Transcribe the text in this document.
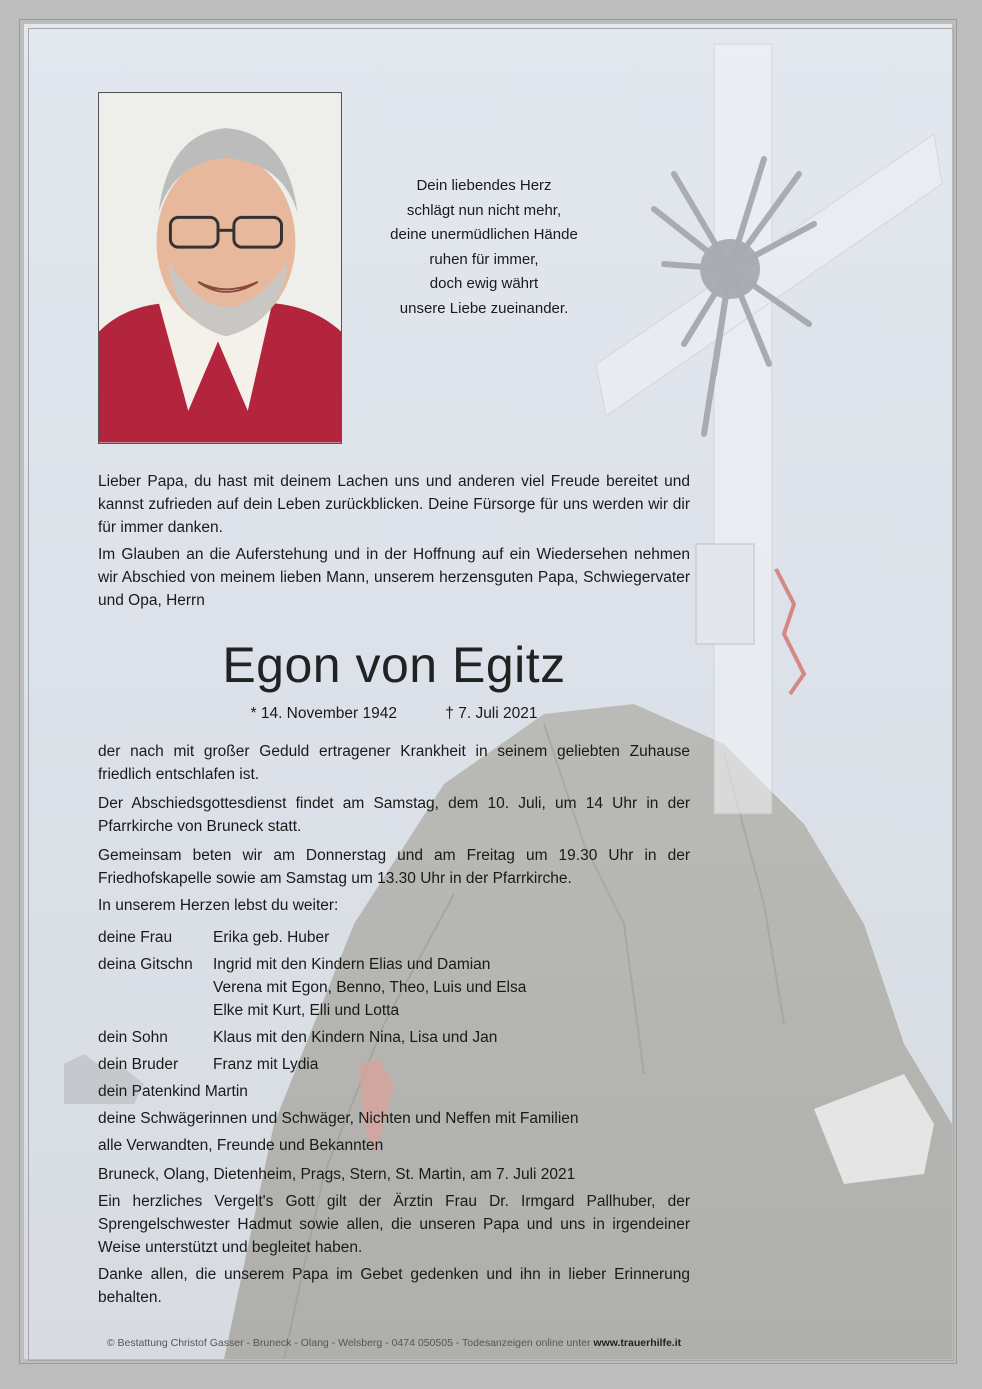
Dein liebendes Herz
schlägt nun nicht mehr,
deine unermüdlichen Hände
ruhen für immer,
doch ewig währt
unsere Liebe zueinander.

Lieber Papa, du hast mit deinem Lachen uns und anderen viel Freude bereitet und kannst zufrieden auf dein Leben zurückblicken. Deine Fürsorge für uns werden wir dir für immer danken.

Im Glauben an die Auferstehung und in der Hoffnung auf ein Wiedersehen nehmen wir Abschied von meinem lieben Mann, unserem herzensguten Papa, Schwiegervater und Opa, Herrn

Egon von Egitz
* 14. November 1942	† 7. Juli 2021

der nach mit großer Geduld ertragener Krankheit in seinem geliebten Zuhause friedlich entschlafen ist.

Der Abschiedsgottesdienst findet am Samstag, dem 10. Juli, um 14 Uhr in der Pfarrkirche von Bruneck statt.

Gemeinsam beten wir am Donnerstag und am Freitag um 19.30 Uhr in der Friedhofskapelle sowie am Samstag um 13.30 Uhr in der Pfarrkirche.

In unserem Herzen lebst du weiter:

deine Frau	Erika geb. Huber
deina Gitschn	Ingrid mit den Kindern Elias und Damian
Verena mit Egon, Benno, Theo, Luis und Elsa
Elke mit Kurt, Elli und Lotta
dein Sohn	Klaus mit den Kindern Nina, Lisa und Jan
dein Bruder	Franz mit Lydia
dein Patenkind Martin
deine Schwägerinnen und Schwäger, Nichten und Neffen mit Familien
alle Verwandten, Freunde und Bekannten

Bruneck, Olang, Dietenheim, Prags, Stern, St. Martin, am 7. Juli 2021

Ein herzliches Vergelt's Gott gilt der Ärztin Frau Dr. Irmgard Pallhuber, der Sprengelschwester Hadmut sowie allen, die unseren Papa und uns in irgendeiner Weise unterstützt und begleitet haben.

Danke allen, die unserem Papa im Gebet gedenken und ihn in lieber Erinnerung behalten.

© Bestattung Christof Gasser - Bruneck - Olang - Welsberg - 0474 050505 - Todesanzeigen online unter www.trauerhilfe.it
